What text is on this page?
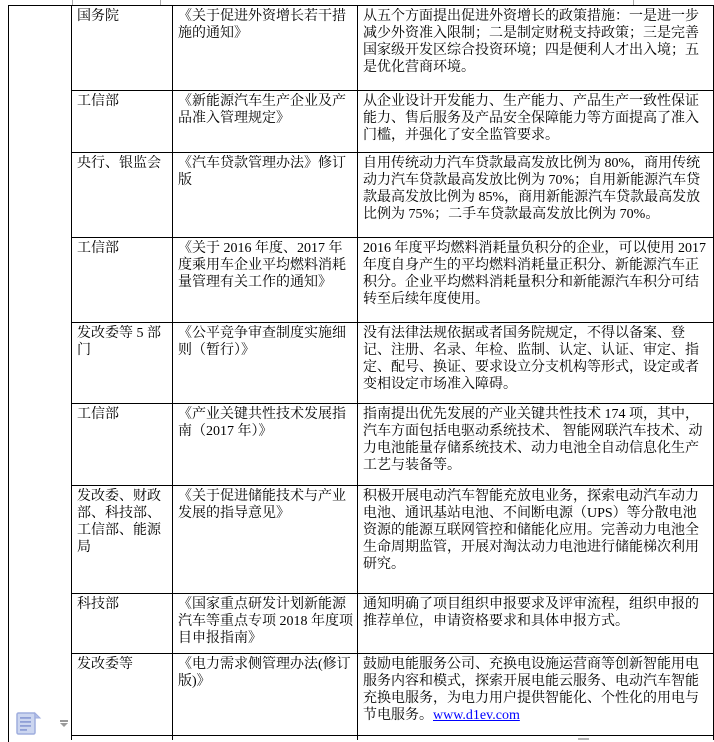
国务院	《关于促进外资增长若干措施的通知》	从五个方面提出促进外资增长的政策措施：一是进一步减少外资准入限制；二是制定财税支持政策；三是完善国家级开发区综合投资环境；四是便利人才出入境；五是优化营商环境。

工信部	《新能源汽车生产企业及产品准入管理规定》	从企业设计开发能力、生产能力、产品生产一致性保证能力、售后服务及产品安全保障能力等方面提高了准入门槛，并强化了安全监管要求。

央行、银监会	《汽车贷款管理办法》修订版	自用传统动力汽车贷款最高发放比例为 80%，商用传统动力汽车贷款最高发放比例为 70%；自用新能源汽车贷款最高发放比例为 85%，商用新能源汽车贷款最高发放比例为 75%；二手车贷款最高发放比例为 70%。

工信部	《关于 2016 年度、2017 年度乘用车企业平均燃料消耗量管理有关工作的通知》	2016 年度平均燃料消耗量负积分的企业，可以使用 2017 年度自身产生的平均燃料消耗量正积分、新能源汽车正积分。企业平均燃料消耗量积分和新能源汽车积分可结转至后续年度使用。

发改委等 5 部门	《公平竞争审查制度实施细则（暂行）》	没有法律法规依据或者国务院规定，不得以备案、登记、注册、名录、年检、监制、认定、认证、审定、指定、配号、换证、要求设立分支机构等形式，设定或者变相设定市场准入障碍。

工信部	《产业关键共性技术发展指南（2017 年）》	指南提出优先发展的产业关键共性技术 174 项，其中，汽车方面包括电驱动系统技术、 智能网联汽车技术、动力电池能量存储系统技术、动力电池全自动信息化生产工艺与装备等。

发改委、财政部、科技部、工信部、能源局	《关于促进储能技术与产业发展的指导意见》	积极开展电动汽车智能充放电业务，探索电动汽车动力电池、通讯基站电池、不间断电源（UPS）等分散电池资源的能源互联网管控和储能化应用。完善动力电池全生命周期监管，开展对淘汰动力电池进行储能梯次利用研究。

科技部	《国家重点研发计划新能源汽车等重点专项 2018 年度项目申报指南》	通知明确了项目组织申报要求及评审流程，组织申报的推荐单位，申请资格要求和具体申报方式。

发改委等	《电力需求侧管理办法(修订版)》	鼓励电能服务公司、充换电设施运营商等创新智能用电服务内容和模式，探索开展电能云服务、电动汽车智能充换电服务，为电力用户提供智能化、个性化的用电与节电服务。www.d1ev.com
